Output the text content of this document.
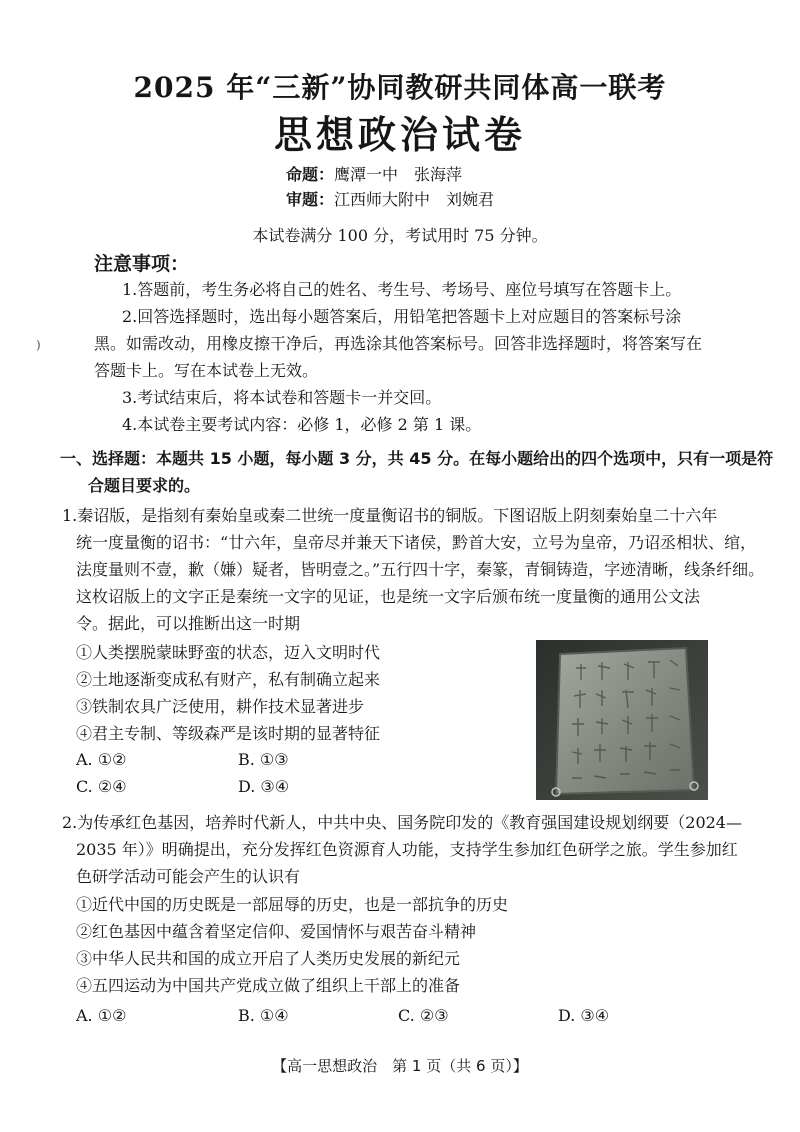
2025 年“三新”协同教研共同体高一联考
思想政治试卷
命题：鹰潭一中　张海萍
审题：江西师大附中　刘婉君
本试卷满分 100 分，考试用时 75 分钟。
注意事项：
1.答题前，考生务必将自己的姓名、考生号、考场号、座位号填写在答题卡上。
2.回答选择题时，选出每小题答案后，用铅笔把答题卡上对应题目的答案标号涂
黑。如需改动，用橡皮擦干净后，再选涂其他答案标号。回答非选择题时，将答案写在
答题卡上。写在本试卷上无效。
3.考试结束后，将本试卷和答题卡一并交回。
4.本试卷主要考试内容：必修 1，必修 2 第 1 课。
)
一、选择题：本题共 15 小题，每小题 3 分，共 45 分。在每小题给出的四个选项中，只有一项是符
合题目要求的。
1.秦诏版，是指刻有秦始皇或秦二世统一度量衡诏书的铜版。下图诏版上阴刻秦始皇二十六年
统一度量衡的诏书：“廿六年，皇帝尽并兼天下诸侯，黔首大安，立号为皇帝，乃诏丞相状、绾，
法度量则不壹，歉（嫌）疑者，皆明壹之。”五行四十字，秦篆，青铜铸造，字迹清晰，线条纤细。
这枚诏版上的文字正是秦统一文字的见证，也是统一文字后颁布统一度量衡的通用公文法
令。据此，可以推断出这一时期
①人类摆脱蒙昧野蛮的状态，迈入文明时代
②土地逐渐变成私有财产，私有制确立起来
③铁制农具广泛使用，耕作技术显著进步
④君主专制、等级森严是该时期的显著特征
A. ①②	B. ①③
C. ②④	D. ③④
2.为传承红色基因，培养时代新人，中共中央、国务院印发的《教育强国建设规划纲要（2024—
2035 年）》明确提出，充分发挥红色资源育人功能，支持学生参加红色研学之旅。学生参加红
色研学活动可能会产生的认识有
①近代中国的历史既是一部屈辱的历史，也是一部抗争的历史
②红色基因中蕴含着坚定信仰、爱国情怀与艰苦奋斗精神
③中华人民共和国的成立开启了人类历史发展的新纪元
④五四运动为中国共产党成立做了组织上干部上的准备
A. ①②	B. ①④	C. ②③	D. ③④
【高一思想政治　第 1 页（共 6 页）】
